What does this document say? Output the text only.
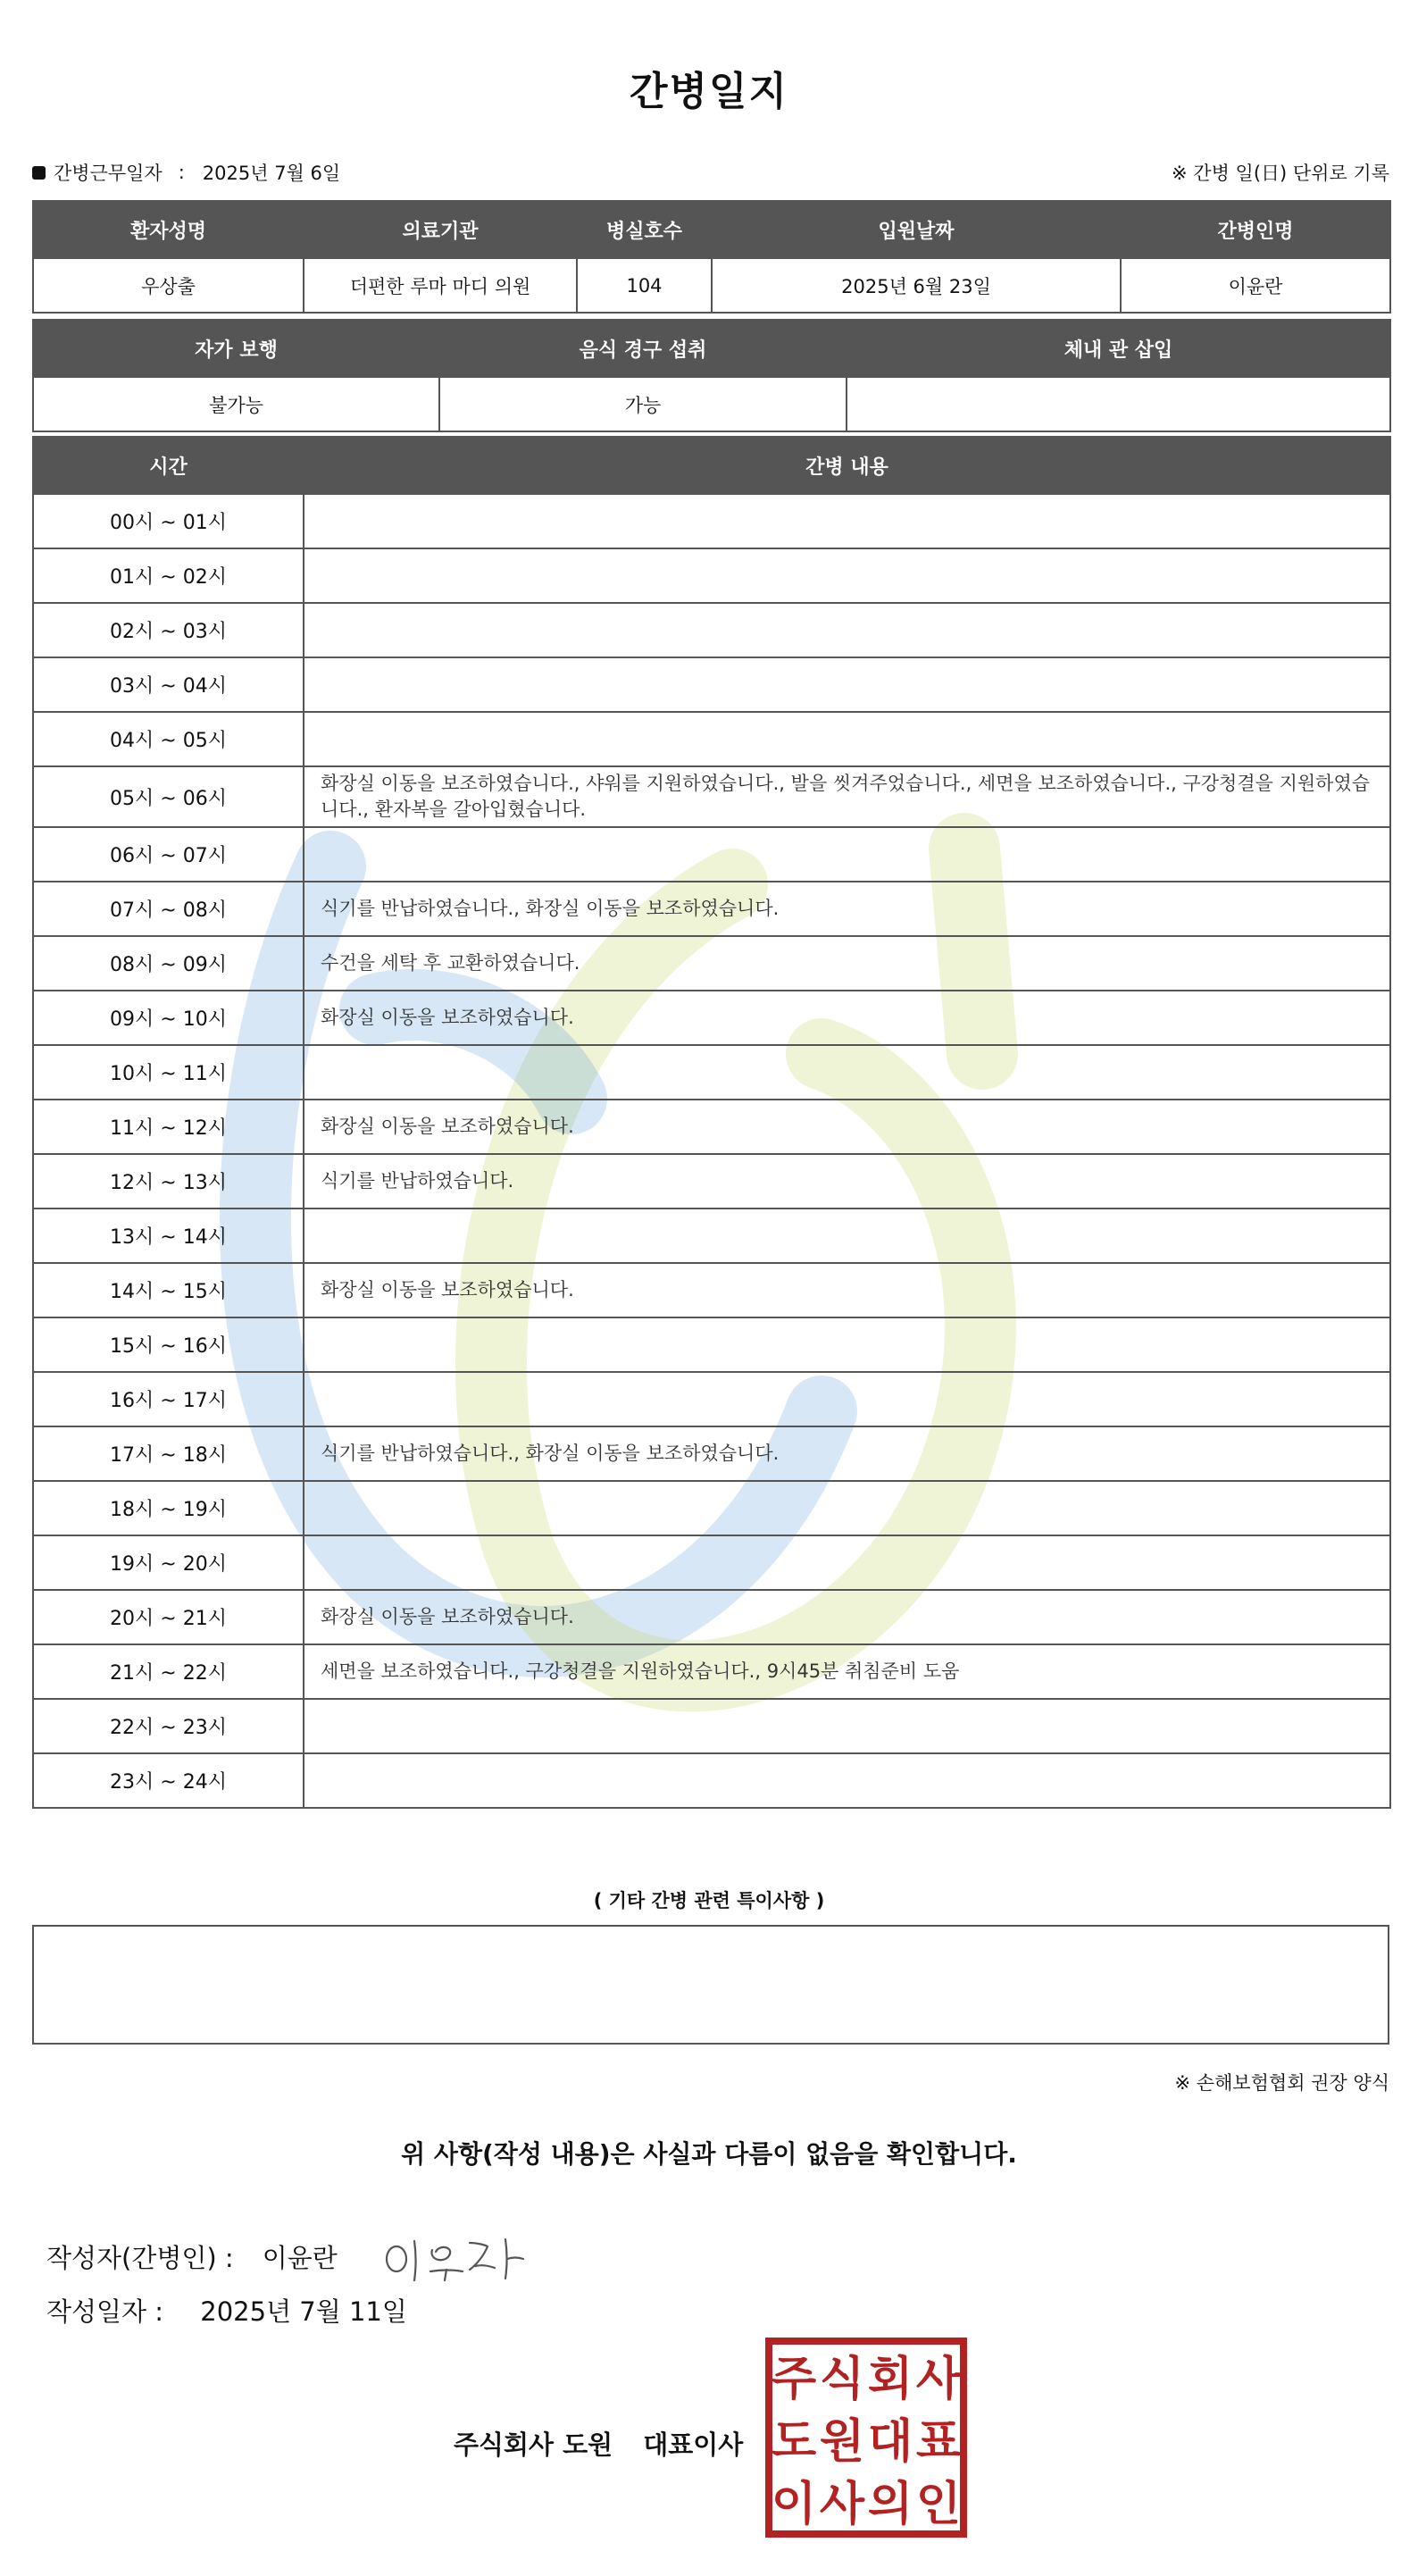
간병일지
간병근무일자 : 2025년 7월 6일	※ 간병 일(日) 단위로 기록
환자성명	의료기관	병실호수	입원날짜	간병인명
우상출	더편한 루마 마디 의원	104	2025년 6월 23일	이윤란
자가 보행	음식 경구 섭취	체내 관 삽입
불가능	가능	
시간	간병 내용
00시 ~ 01시	
01시 ~ 02시	
02시 ~ 03시	
03시 ~ 04시	
04시 ~ 05시	
05시 ~ 06시	화장실 이동을 보조하였습니다., 샤워를 지원하였습니다., 발을 씻겨주었습니다., 세면을 보조하였습니다., 구강청결을 지원하였습니다., 환자복을 갈아입혔습니다.
06시 ~ 07시	
07시 ~ 08시	식기를 반납하였습니다., 화장실 이동을 보조하였습니다.
08시 ~ 09시	수건을 세탁 후 교환하였습니다.
09시 ~ 10시	화장실 이동을 보조하였습니다.
10시 ~ 11시	
11시 ~ 12시	화장실 이동을 보조하였습니다.
12시 ~ 13시	식기를 반납하였습니다.
13시 ~ 14시	
14시 ~ 15시	화장실 이동을 보조하였습니다.
15시 ~ 16시	
16시 ~ 17시	
17시 ~ 18시	식기를 반납하였습니다., 화장실 이동을 보조하였습니다.
18시 ~ 19시	
19시 ~ 20시	
20시 ~ 21시	화장실 이동을 보조하였습니다.
21시 ~ 22시	세면을 보조하였습니다., 구강청결을 지원하였습니다., 9시45분 취침준비 도움
22시 ~ 23시	
23시 ~ 24시	
( 기타 간병 관련 특이사항 )
※ 손해보험협회 권장 양식
위 사항(작성 내용)은 사실과 다름이 없음을 확인합니다.
작성자(간병인) : 이윤란
작성일자 : 2025년 7월 11일
주식회사 도원 대표이사
주 식 회 사
도 원 대 표
이 사 의 인
